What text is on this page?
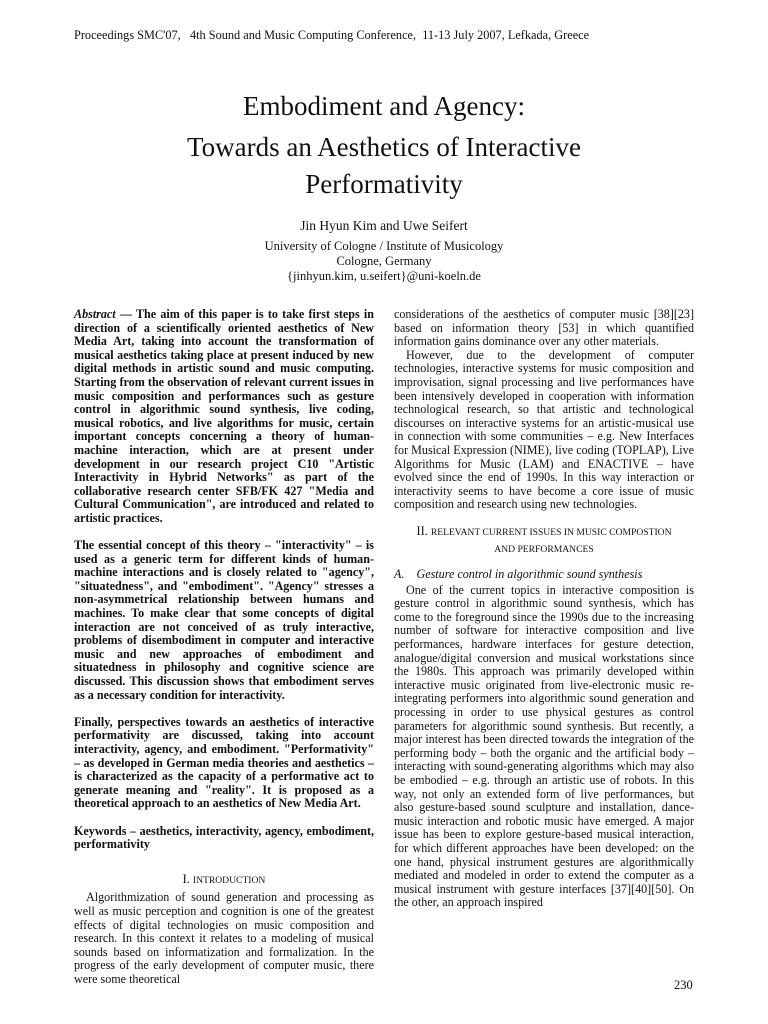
Proceedings SMC'07,   4th Sound and Music Computing Conference,  11-13 July 2007, Lefkada, Greece
Embodiment and Agency:
Towards an Aesthetics of Interactive
Performativity
Jin Hyun Kim and Uwe Seifert
University of Cologne / Institute of Musicology
Cologne, Germany
{jinhyun.kim, u.seifert}@uni-koeln.de

Abstract — The aim of this paper is to take first steps in direction of a scientifically oriented aesthetics of New Media Art, taking into account the transformation of musical aesthetics taking place at present induced by new digital methods in artistic sound and music computing. Starting from the observation of relevant current issues in music composition and performances such as gesture control in algorithmic sound synthesis, live coding, musical robotics, and live algorithms for music, certain important concepts concerning a theory of human-machine interaction, which are at present under development in our research project C10 "Artistic Interactivity in Hybrid Networks" as part of the collaborative research center SFB/FK 427 "Media and Cultural Communication", are introduced and related to artistic practices.

The essential concept of this theory – "interactivity" – is used as a generic term for different kinds of human-machine interactions and is closely related to "agency", "situatedness", and "embodiment". "Agency" stresses a non-asymmetrical relationship between humans and machines. To make clear that some concepts of digital interaction are not conceived of as truly interactive, problems of disembodiment in computer and interactive music and new approaches of embodiment and situatedness in philosophy and cognitive science are discussed. This discussion shows that embodiment serves as a necessary condition for interactivity.

Finally, perspectives towards an aesthetics of interactive performativity are discussed, taking into account interactivity, agency, and embodiment. "Performativity" – as developed in German media theories and aesthetics – is characterized as the capacity of a performative act to generate meaning and "reality". It is proposed as a theoretical approach to an aesthetics of New Media Art.

Keywords – aesthetics, interactivity, agency, embodiment, performativity

I. INTRODUCTION

Algorithmization of sound generation and processing as well as music perception and cognition is one of the greatest effects of digital technologies on music composition and research. In this context it relates to a modeling of musical sounds based on informatization and formalization. In the progress of the early development of computer music, there were some theoretical

considerations of the aesthetics of computer music [38][23] based on information theory [53] in which quantified information gains dominance over any other materials.

However, due to the development of computer technologies, interactive systems for music composition and improvisation, signal processing and live performances have been intensively developed in cooperation with information technological research, so that artistic and technological discourses on interactive systems for an artistic-musical use in connection with some communities – e.g. New Interfaces for Musical Expression (NIME), live coding (TOPLAP), Live Algorithms for Music (LAM) and ENACTIVE – have evolved since the end of 1990s. In this way interaction or interactivity seems to have become a core issue of music composition and research using new technologies.

II. RELEVANT CURRENT ISSUES IN MUSIC COMPOSTION

AND PERFORMANCES

A.    Gesture control in algorithmic sound synthesis

One of the current topics in interactive composition is gesture control in algorithmic sound synthesis, which has come to the foreground since the 1990s due to the increasing number of software for interactive composition and live performances, hardware interfaces for gesture detection, analogue/digital conversion and musical workstations since the 1980s. This approach was primarily developed within interactive music originated from live-electronic music re-integrating performers into algorithmic sound generation and processing in order to use physical gestures as control parameters for algorithmic sound synthesis. But recently, a major interest has been directed towards the integration of the performing body – both the organic and the artificial body – interacting with sound-generating algorithms which may also be embodied – e.g. through an artistic use of robots. In this way, not only an extended form of live performances, but also gesture-based sound sculpture and installation, dance-music interaction and robotic music have emerged. A major issue has been to explore gesture-based musical interaction, for which different approaches have been developed: on the one hand, physical instrument gestures are algorithmically mediated and modeled in order to extend the computer as a musical instrument with gesture interfaces [37][40][50]. On the other, an approach inspired

230
